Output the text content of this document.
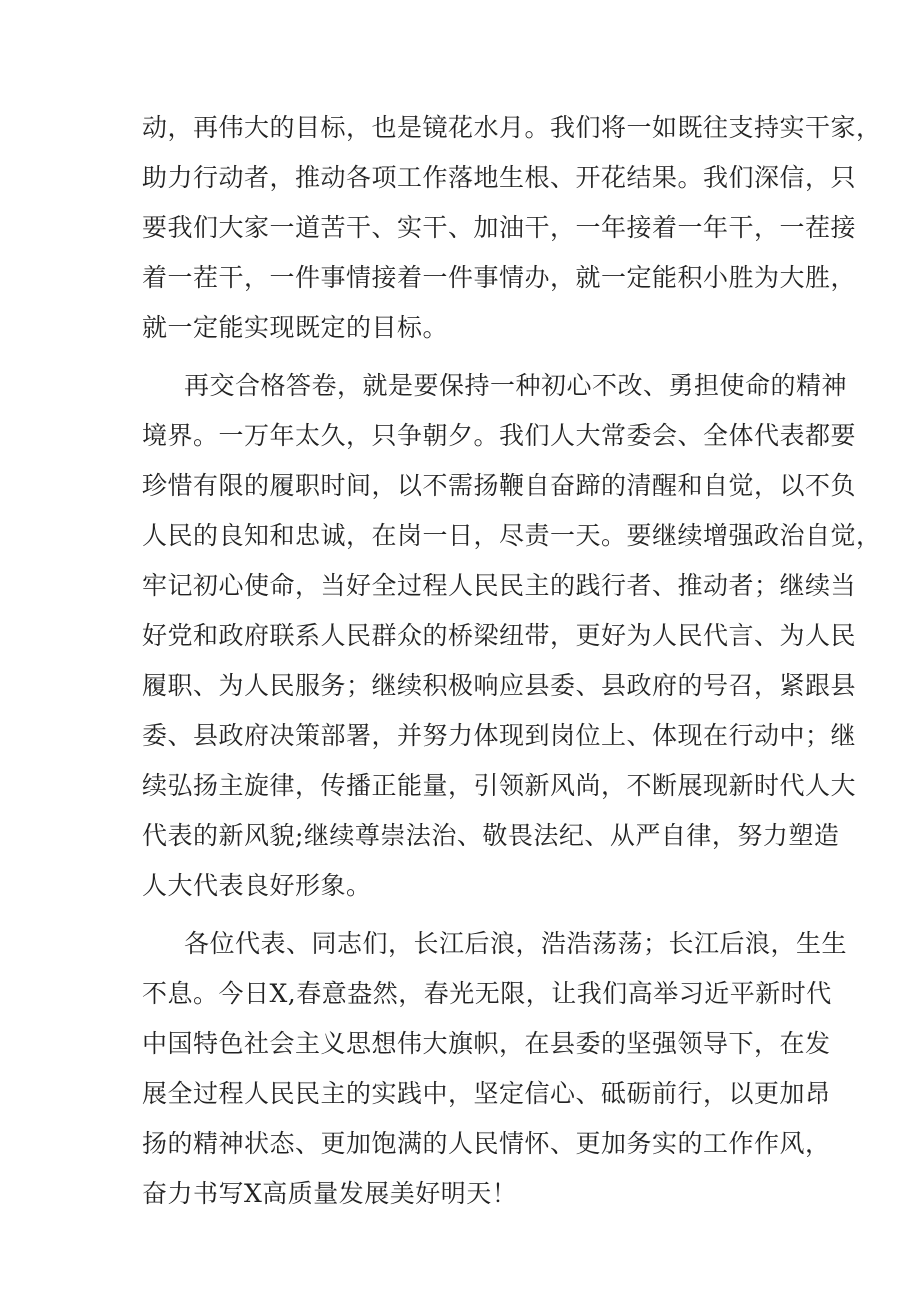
动，再伟大的目标，也是镜花水月。我们将一如既往支持实干家，
助力行动者，推动各项工作落地生根、开花结果。我们深信，只
要我们大家一道苦干、实干、加油干，一年接着一年干，一茬接
着一茬干，一件事情接着一件事情办，就一定能积小胜为大胜，
就一定能实现既定的目标。
再交合格答卷，就是要保持一种初心不改、勇担使命的精神
境界。一万年太久，只争朝夕。我们人大常委会、全体代表都要
珍惜有限的履职时间，以不需扬鞭自奋蹄的清醒和自觉，以不负
人民的良知和忠诚，在岗一日，尽责一天。要继续增强政治自觉，
牢记初心使命，当好全过程人民民主的践行者、推动者；继续当
好党和政府联系人民群众的桥梁纽带，更好为人民代言、为人民
履职、为人民服务；继续积极响应县委、县政府的号召，紧跟县
委、县政府决策部署，并努力体现到岗位上、体现在行动中；继
续弘扬主旋律，传播正能量，引领新风尚，不断展现新时代人大
代表的新风貌;继续尊崇法治、敬畏法纪、从严自律，努力塑造
人大代表良好形象。
各位代表、同志们，长江后浪，浩浩荡荡；长江后浪，生生
不息。今日X,春意盎然，春光无限，让我们高举习近平新时代
中国特色社会主义思想伟大旗帜，在县委的坚强领导下，在发
展全过程人民民主的实践中，坚定信心、砥砺前行，以更加昂
扬的精神状态、更加饱满的人民情怀、更加务实的工作作风，
奋力书写X高质量发展美好明天！
